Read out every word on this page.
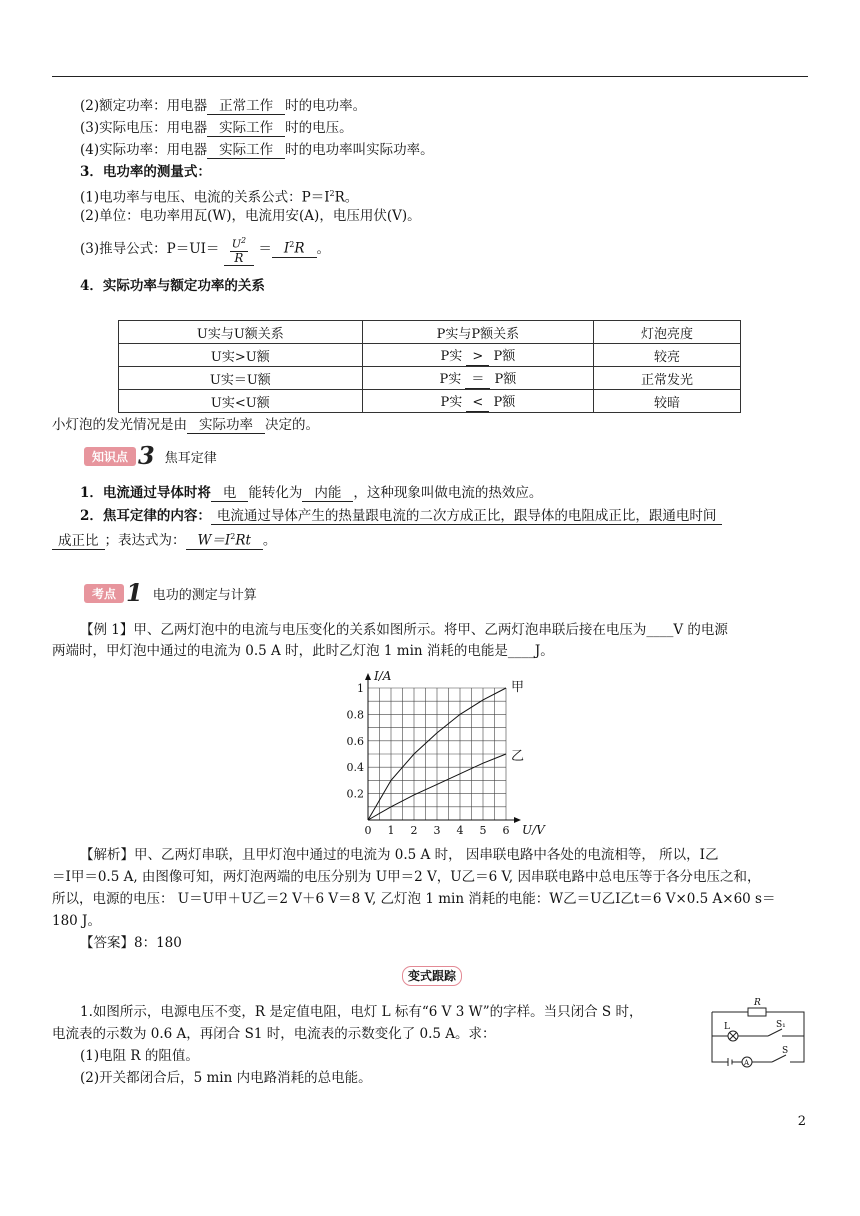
(2)额定功率：用电器 正常工作 时的电功率。
(3)实际电压：用电器 实际工作 时的电压。
(4)实际功率：用电器 实际工作 时的电功率叫实际功率。
3．电功率的测量式：
(1)电功率与电压、电流的关系公式：$P=I^2R$。
(2)单位：电功率用瓦(W)，电流用安(A)，电压用伏(V)。
(3)推导公式：$P=UI= \frac{U^2}{R} = I^2R$ 。
4．实际功率与额定功率的关系
U实与U额关系	P实与P额关系	灯泡亮度
U实>U额	P实 > P额	较亮
U实＝U额	P实 ＝ P额	正常发光
U实<U额	P实 < P额	较暗
小灯泡的发光情况是由 实际功率 决定的。
知识点 3 焦耳定律
1．电流通过导体时将 电 能转化为 内能 ，这种现象叫做电流的热效应。
2．焦耳定律的内容： 电流通过导体产生的热量跟电流的二次方成正比，跟导体的电阻成正比，跟通电时间
成正比 ；表达式为： $W=I^2Rt$ 。
考点 1 电功的测定与计算
【例 1】甲、乙两灯泡中的电流与电压变化的关系如图所示。将甲、乙两灯泡串联后接在电压为____V 的电源
两端时，甲灯泡中通过的电流为 0.5 A 时，此时乙灯泡 1 min 消耗的电能是____J。
甲
乙
0 1 2 3 4 5 6
0.2
0.4
0.6
0.8
1
U/V
I/A
【解析】甲、乙两灯串联，且甲灯泡中通过的电流为 0.5 A 时， 因串联电路中各处的电流相等， 所以，I乙
＝I甲＝0.5 A, 由图像可知，两灯泡两端的电压分别为 U甲＝2 V，U乙＝6 V, 因串联电路中总电压等于各分电压之和，
所以，电源的电压： U＝U甲＋U乙＝2 V＋6 V＝8 V, 乙灯泡 1 min 消耗的电能：W乙＝U乙I乙t＝6 V×0.5 A×60 s＝
180 J。
【答案】8：180
变式跟踪
1.如图所示，电源电压不变，R 是定值电阻，电灯 L 标有“6 V 3 W”的字样。当只闭合 S 时，
电流表的示数为 0.6 A，再闭合 S1 时，电流表的示数变化了 0.5 A。求：
(1)电阻 R 的阻值。
(2)开关都闭合后，5 min 内电路消耗的总电能。
R
L	S₁
A
S
2
